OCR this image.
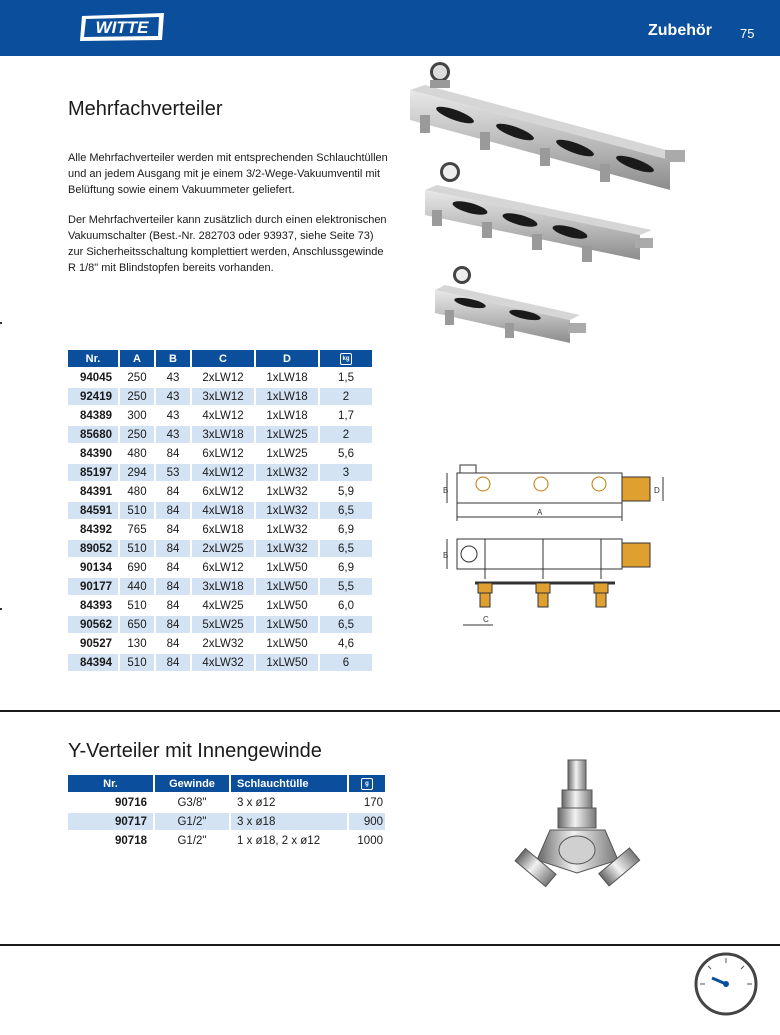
WITTE	Zubehör 75
Mehrfachverteiler

Alle Mehrfachverteiler werden mit entsprechenden Schlauchtüllen und an jedem Ausgang mit je einem 3/2-Wege-Vakuumventil mit Belüftung sowie einem Vakuummeter geliefert.

Der Mehrfachverteiler kann zusätzlich durch einen elektronischen Vakuumschalter (Best.-Nr. 282703 oder 93937, siehe Seite 73) zur Sicherheitsschaltung komplettiert werden, Anschlussgewinde R 1/8" mit Blindstopfen bereits vorhanden.

Nr.	A	B	C	D	kg
94045	250	43	2xLW12	1xLW18	1,5
92419	250	43	3xLW12	1xLW18	2
84389	300	43	4xLW12	1xLW18	1,7
85680	250	43	3xLW18	1xLW25	2
84390	480	84	6xLW12	1xLW25	5,6
85197	294	53	4xLW12	1xLW32	3
84391	480	84	6xLW12	1xLW32	5,9
84591	510	84	4xLW18	1xLW32	6,5
84392	765	84	6xLW18	1xLW32	6,9
89052	510	84	2xLW25	1xLW32	6,5
90134	690	84	6xLW12	1xLW50	6,9
90177	440	84	3xLW18	1xLW50	5,5
84393	510	84	4xLW25	1xLW50	6,0
90562	650	84	5xLW25	1xLW50	6,5
90527	130	84	2xLW32	1xLW50	4,6
84394	510	84	4xLW32	1xLW50	6
B
A
D
B
C
Y-Verteiler mit Innengewinde
Nr.	Gewinde	Schlauchtülle	g
90716	G3/8"	3 x ø12	170
90717	G1/2"	3 x ø18	900
90718	G1/2"	1 x ø18, 2 x ø12	1000
